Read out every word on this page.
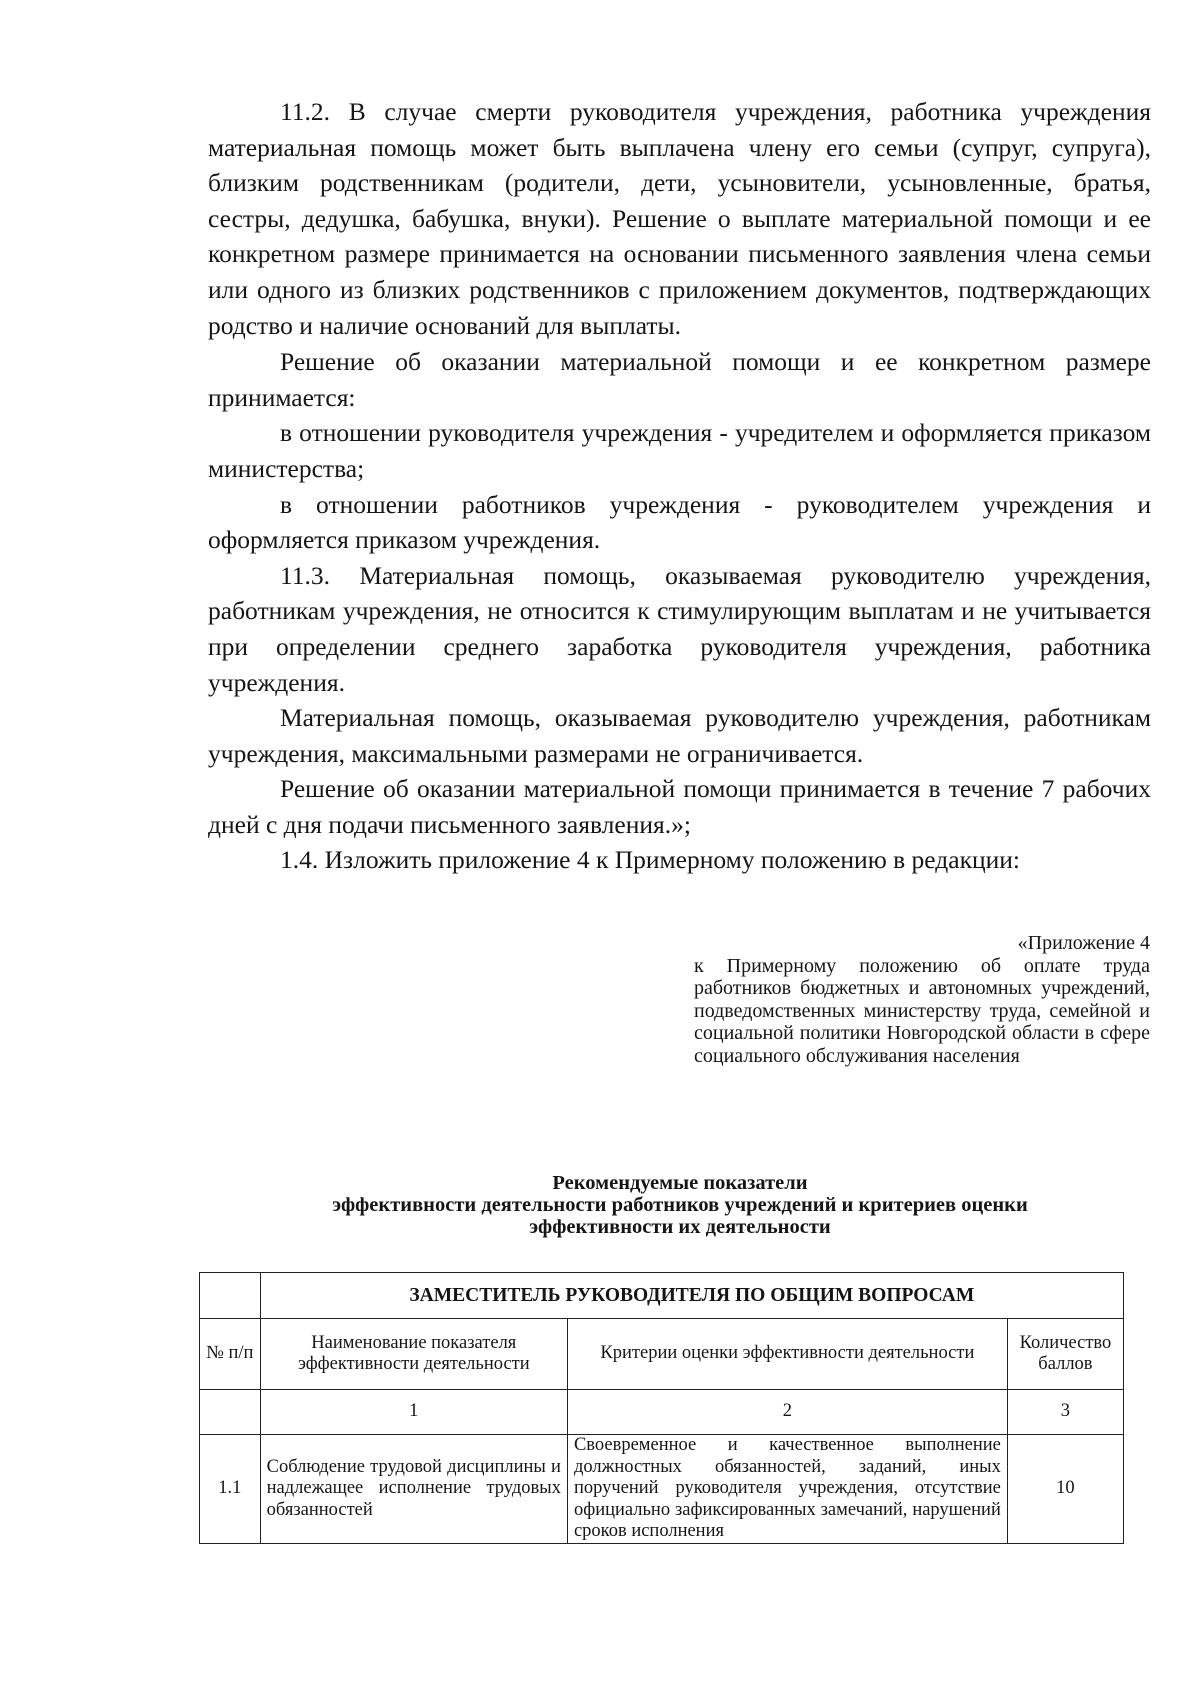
11.2. В случае смерти руководителя учреждения, работника учреждения материальная помощь может быть выплачена члену его семьи (супруг, супруга), близким родственникам (родители, дети, усыновители, усыновленные, братья, сестры, дедушка, бабушка, внуки). Решение о выплате материальной помощи и ее конкретном размере принимается на основании письменного заявления члена семьи или одного из близких родственников с приложением документов, подтверждающих родство и наличие оснований для выплаты.

Решение об оказании материальной помощи и ее конкретном размере принимается:

в отношении руководителя учреждения - учредителем и оформляется приказом министерства;

в отношении работников учреждения - руководителем учреждения и оформляется приказом учреждения.

11.3. Материальная помощь, оказываемая руководителю учреждения, работникам учреждения, не относится к стимулирующим выплатам и не учитывается при определении среднего заработка руководителя учреждения, работника учреждения.

Материальная помощь, оказываемая руководителю учреждения, работникам учреждения, максимальными размерами не ограничивается.

Решение об оказании материальной помощи принимается в течение 7 рабочих дней с дня подачи письменного заявления.»;

1.4. Изложить приложение 4 к Примерному положению в редакции:

«Приложение 4
к Примерному положению об оплате труда работников бюджетных и автономных учреждений, подведомственных министерству труда, семейной и социальной политики Новгородской области в сфере социального обслуживания населения
Рекомендуемые показатели
эффективности деятельности работников учреждений и критериев оценки
эффективности их деятельности
	ЗАМЕСТИТЕЛЬ РУКОВОДИТЕЛЯ ПО ОБЩИМ ВОПРОСАМ		
№ п/п	Наименование показателя эффективности деятельности	Критерии оценки эффективности деятельности	Количество баллов
	1	2	3
1.1	Соблюдение трудовой дисциплины и надлежащее исполнение трудовых обязанностей	Своевременное и качественное выполнение должностных обязанностей, заданий, иных поручений руководителя учреждения, отсутствие официально зафиксированных замечаний, нарушений сроков исполнения	10
